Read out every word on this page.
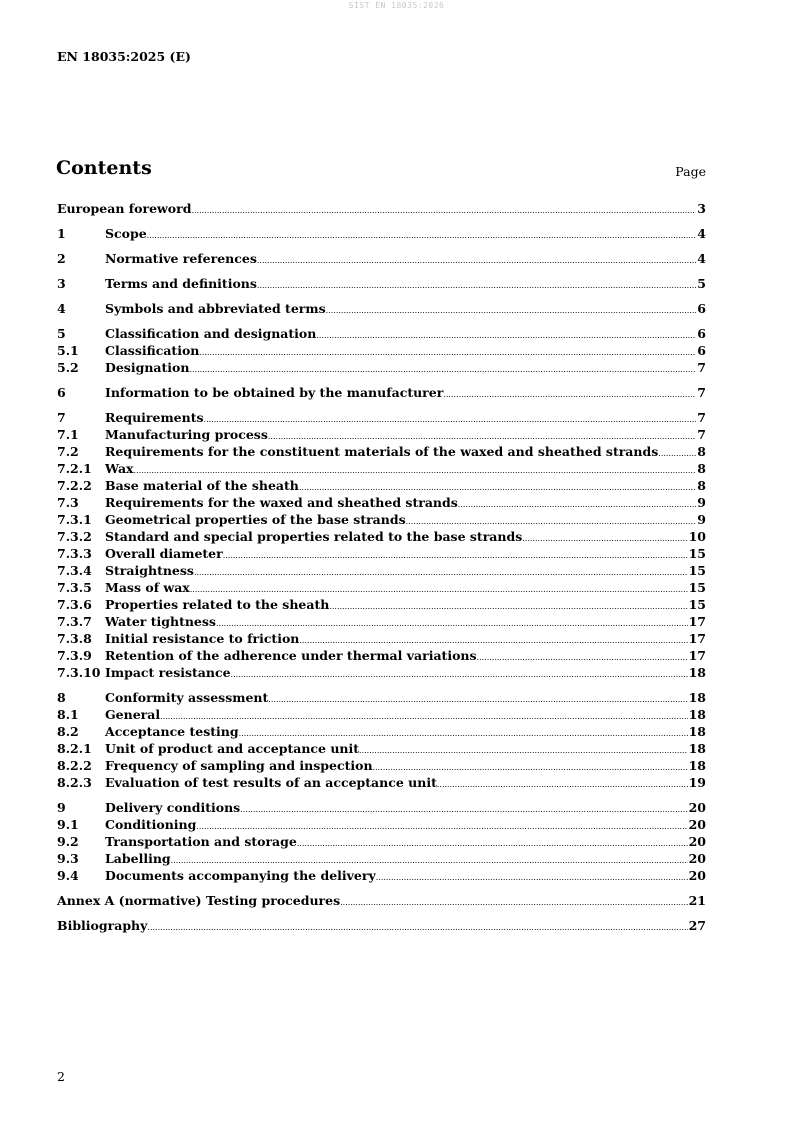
SIST EN 18035:2026
EN 18035:2025 (E)
Contents	Page
European foreword .....	3
1	Scope .....	4
2	Normative references .....	4
3	Terms and definitions .....	5
4	Symbols and abbreviated terms .....	6
5	Classification and designation .....	6
5.1	Classification .....	6
5.2	Designation .....	7
6	Information to be obtained by the manufacturer .....	7
7	Requirements .....	7
7.1	Manufacturing process .....	7
7.2	Requirements for the constituent materials of the waxed and sheathed strands .....	8
7.2.1	Wax .....	8
7.2.2	Base material of the sheath .....	8
7.3	Requirements for the waxed and sheathed strands .....	9
7.3.1	Geometrical properties of the base strands .....	9
7.3.2	Standard and special properties related to the base strands .....	10
7.3.3	Overall diameter .....	15
7.3.4	Straightness .....	15
7.3.5	Mass of wax .....	15
7.3.6	Properties related to the sheath .....	15
7.3.7	Water tightness .....	17
7.3.8	Initial resistance to friction .....	17
7.3.9	Retention of the adherence under thermal variations .....	17
7.3.10 Impact resistance .....	18
8	Conformity assessment .....	18
8.1	General .....	18
8.2	Acceptance testing .....	18
8.2.1	Unit of product and acceptance unit .....	18
8.2.2	Frequency of sampling and inspection .....	18
8.2.3	Evaluation of test results of an acceptance unit .....	19
9	Delivery conditions .....	20
9.1	Conditioning .....	20
9.2	Transportation and storage .....	20
9.3	Labelling .....	20
9.4	Documents accompanying the delivery .....	20
Annex A (normative) Testing procedures .....	21
Bibliography .....	27
2
